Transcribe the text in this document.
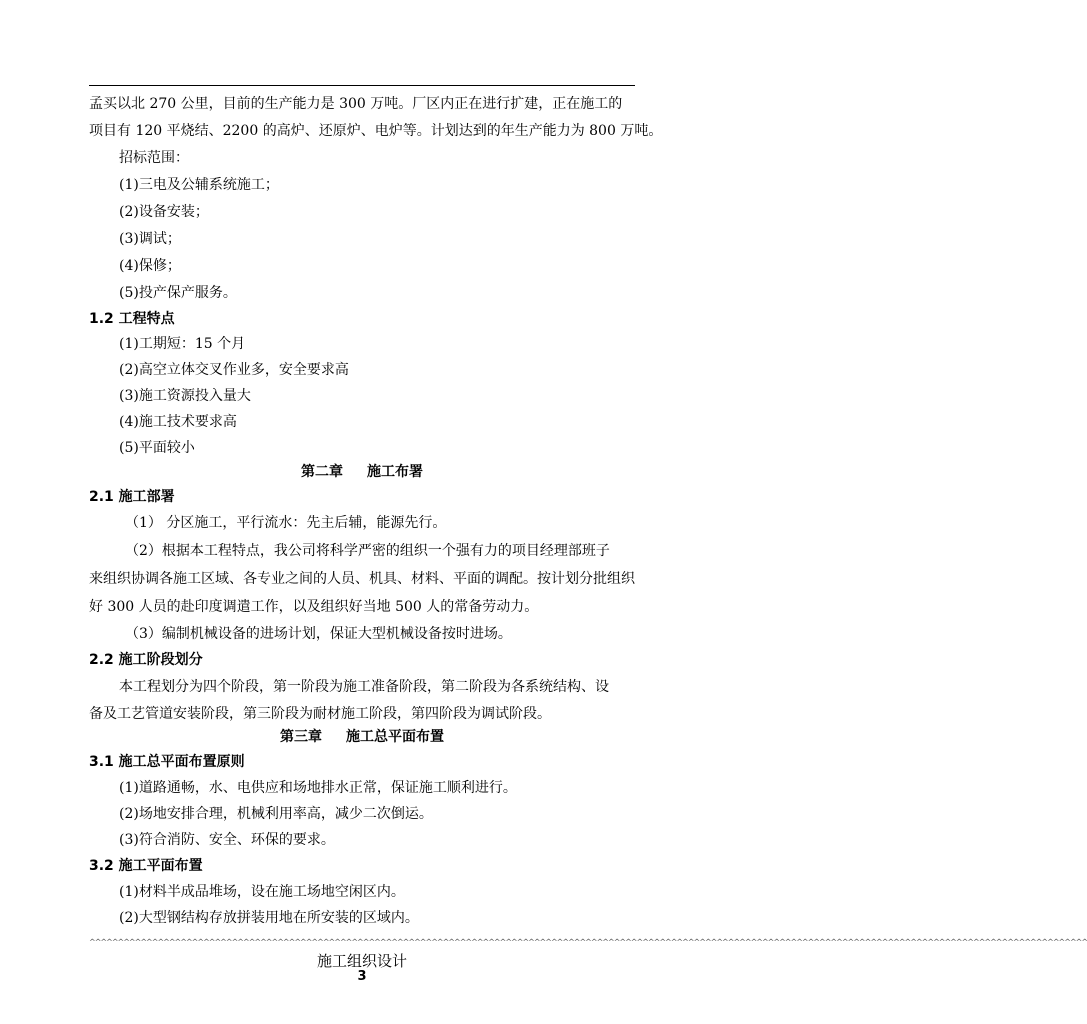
孟买以北 270 公里，目前的生产能力是 300 万吨。厂区内正在进行扩建，正在施工的
项目有 120 平烧结、2200 的高炉、还原炉、电炉等。计划达到的年生产能力为 800 万吨。
招标范围：
(1)三电及公辅系统施工；
(2)设备安装；
(3)调试；
(4)保修；
(5)投产保产服务。
1.2 工程特点
(1)工期短：15 个月
(2)高空立体交叉作业多，安全要求高
(3)施工资源投入量大
(4)施工技术要求高
(5)平面较小
第二章 施工布署
2.1 施工部署
（1） 分区施工，平行流水：先主后辅，能源先行。
（2）根据本工程特点，我公司将科学严密的组织一个强有力的项目经理部班子
来组织协调各施工区域、各专业之间的人员、机具、材料、平面的调配。按计划分批组织
好 300 人员的赴印度调遣工作，以及组织好当地 500 人的常备劳动力。
（3）编制机械设备的进场计划，保证大型机械设备按时进场。
2.2 施工阶段划分
本工程划分为四个阶段，第一阶段为施工准备阶段，第二阶段为各系统结构、设
备及工艺管道安装阶段，第三阶段为耐材施工阶段，第四阶段为调试阶段。
第三章 施工总平面布置
3.1 施工总平面布置原则
(1)道路通畅，水、电供应和场地排水正常，保证施工顺利进行。
(2)场地安排合理，机械利用率高，减少二次倒运。
(3)符合消防、安全、环保的要求。
3.2 施工平面布置
(1)材料半成品堆场，设在施工场地空闲区内。
(2)大型钢结构存放拼装用地在所安装的区域内。
^^^^^^^^^^^^^^^^^^^^^^^^^^^^^^^^^^^^^^^^^^^^^^^^^^^^^^^^^^^^^^^^^^^^^^^^^^^^^^^^^^^^^^^^^^^^^^^^^^^^^^^^^^^^^^^^^^^^^^^^^^^^^^^^^^^^^^^^^^^^^^^^^^^^^^^^^^^^^^^^^^^^^^^^^^^^^^^
施工组织设计
3
